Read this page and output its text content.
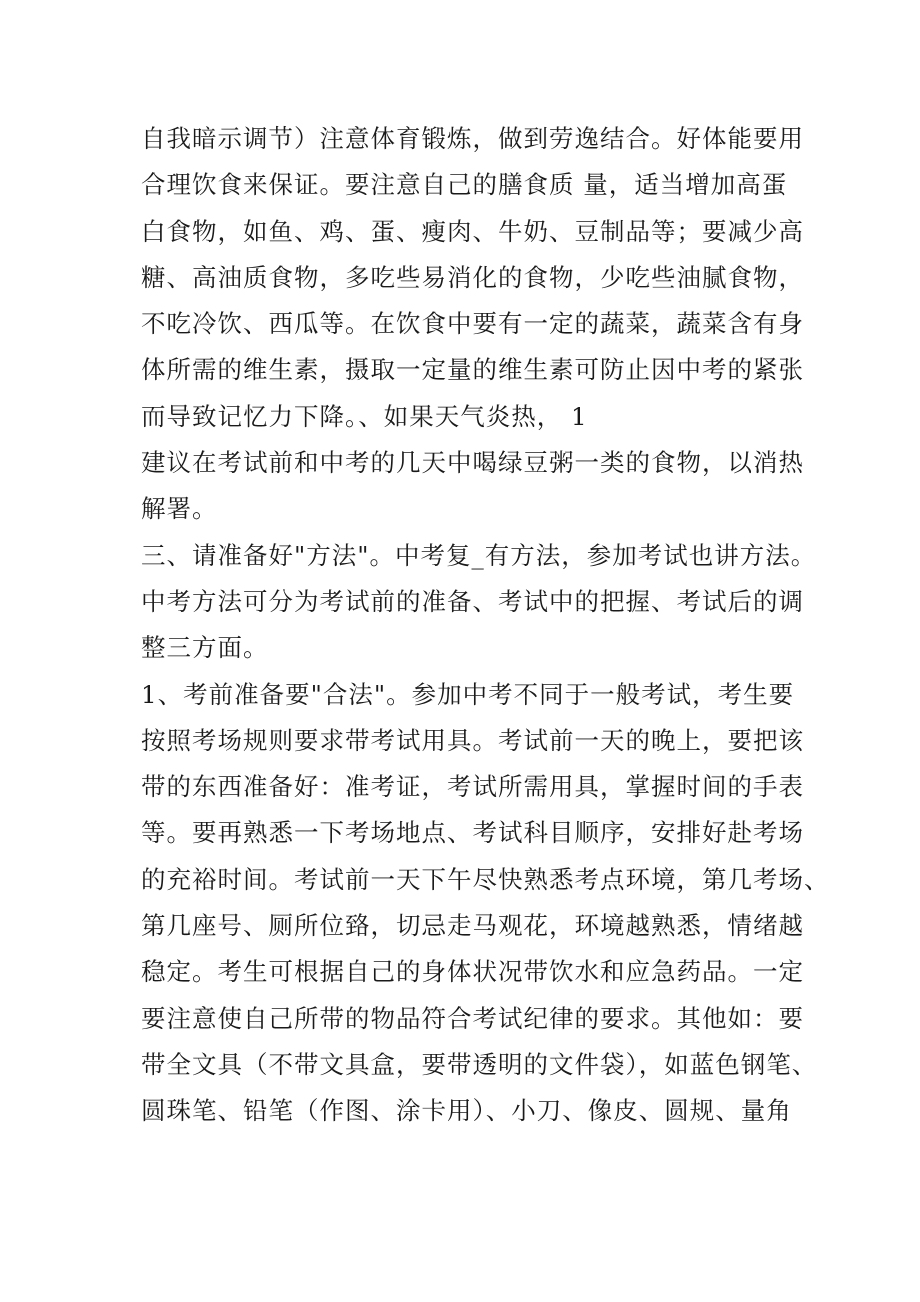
自我暗示调节）注意体育锻炼，做到劳逸结合。好体能要用
合理饮食来保证。要注意自己的膳食质 量，适当增加高蛋
白食物，如鱼、鸡、蛋、瘦肉、牛奶、豆制品等；要减少高
糖、高油质食物，多吃些易消化的食物，少吃些油腻食物，
不吃冷饮、西瓜等。在饮食中要有一定的蔬菜，蔬菜含有身
体所需的维生素，摄取一定量的维生素可防止因中考的紧张
而导致记忆力下降。、如果天气炎热， 1
建议在考试前和中考的几天中喝绿豆粥一类的食物，以消热
解署。
三、请准备好"方法"。中考复_有方法，参加考试也讲方法。
中考方法可分为考试前的准备、考试中的把握、考试后的调
整三方面。
1、考前准备要"合法"。参加中考不同于一般考试，考生要
按照考场规则要求带考试用具。考试前一天的晚上，要把该
带的东西准备好：准考证，考试所需用具，掌握时间的手表
等。要再熟悉一下考场地点、考试科目顺序，安排好赴考场
的充裕时间。考试前一天下午尽快熟悉考点环境，第几考场、
第几座号、厕所位臵，切忌走马观花，环境越熟悉，情绪越
稳定。考生可根据自己的身体状况带饮水和应急药品。一定
要注意使自己所带的物品符合考试纪律的要求。其他如：要
带全文具（不带文具盒，要带透明的文件袋），如蓝色钢笔、
圆珠笔、铅笔（作图、涂卡用）、小刀、像皮、圆规、量角
